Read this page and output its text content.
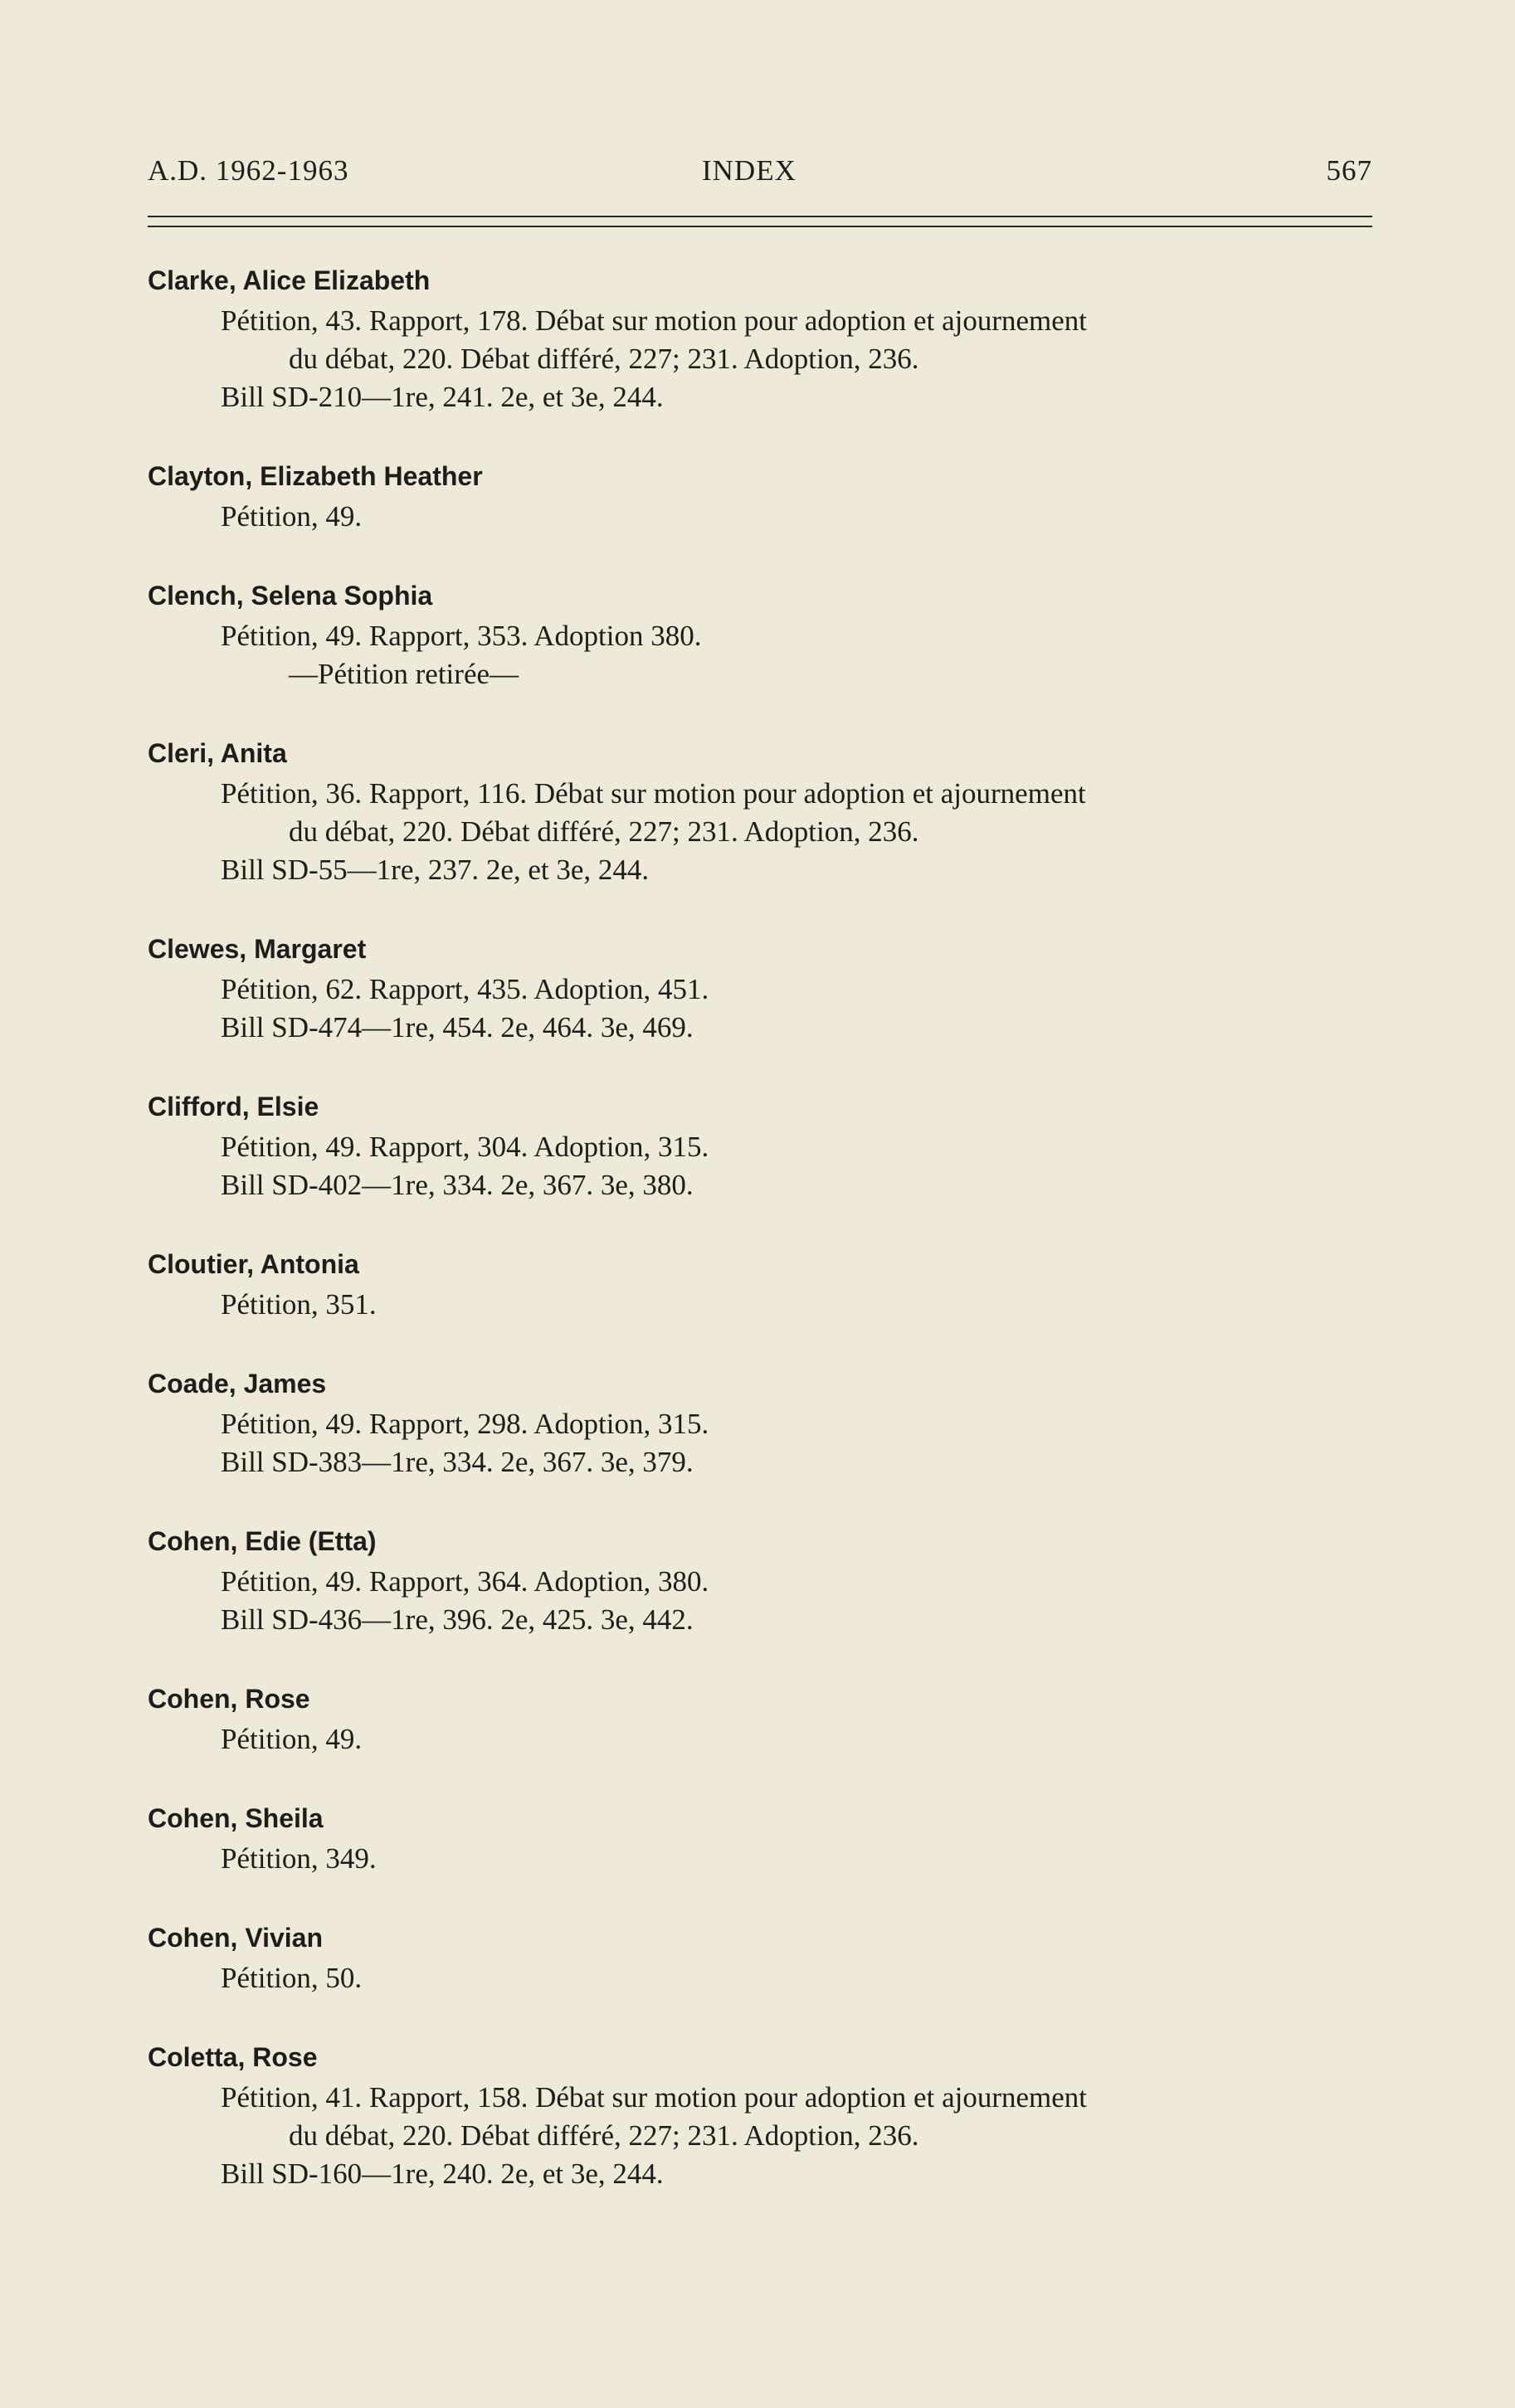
A.D. 1962-1963	INDEX	567
Clarke, Alice Elizabeth
Pétition, 43. Rapport, 178. Débat sur motion pour adoption et ajournement
du débat, 220. Débat différé, 227; 231. Adoption, 236.
Bill SD-210—1re, 241. 2e, et 3e, 244.
Clayton, Elizabeth Heather
Pétition, 49.
Clench, Selena Sophia
Pétition, 49. Rapport, 353. Adoption 380.
—Pétition retirée—
Cleri, Anita
Pétition, 36. Rapport, 116. Débat sur motion pour adoption et ajournement
du débat, 220. Débat différé, 227; 231. Adoption, 236.
Bill SD-55—1re, 237. 2e, et 3e, 244.
Clewes, Margaret
Pétition, 62. Rapport, 435. Adoption, 451.
Bill SD-474—1re, 454. 2e, 464. 3e, 469.
Clifford, Elsie
Pétition, 49. Rapport, 304. Adoption, 315.
Bill SD-402—1re, 334. 2e, 367. 3e, 380.
Cloutier, Antonia
Pétition, 351.
Coade, James
Pétition, 49. Rapport, 298. Adoption, 315.
Bill SD-383—1re, 334. 2e, 367. 3e, 379.
Cohen, Edie (Etta)
Pétition, 49. Rapport, 364. Adoption, 380.
Bill SD-436—1re, 396. 2e, 425. 3e, 442.
Cohen, Rose
Pétition, 49.
Cohen, Sheila
Pétition, 349.
Cohen, Vivian
Pétition, 50.
Coletta, Rose
Pétition, 41. Rapport, 158. Débat sur motion pour adoption et ajournement
du débat, 220. Débat différé, 227; 231. Adoption, 236.
Bill SD-160—1re, 240. 2e, et 3e, 244.
